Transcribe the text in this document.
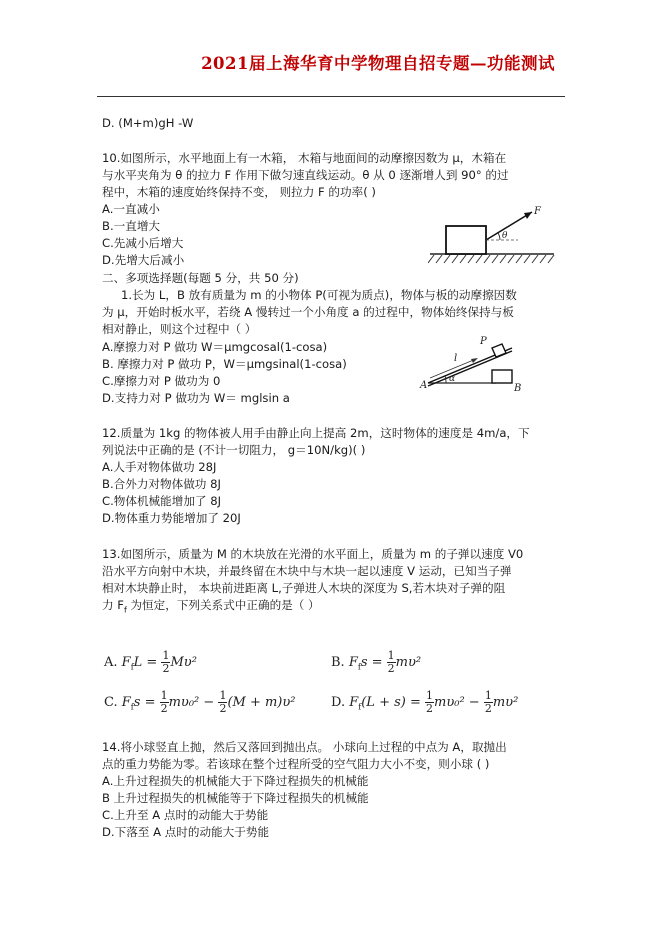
2021届上海华育中学物理自招专题—功能测试
D. (M+m)gH -W
10.如图所示，水平地面上有一木箱， 木箱与地面间的动摩擦因数为 μ，木箱在
与水平夹角为 θ 的拉力 F 作用下做匀速直线运动。θ 从 0 逐渐增人到 90° 的过
程中，木箱的速度始终保持不变， 则拉力 F 的功率( )
A.一直减小
B.一直增大
C.先减小后增大
D.先增大后减小
θ
F
二、多项选择题(每题 5 分，共 50 分)
1.长为 L，B 放有质量为 m 的小物体 P(可视为质点)，物体与板的动摩擦因数
为 μ，开始时板水平，若绕 A 慢转过一个小角度 a 的过程中，物体始终保持与板
相对静止，则这个过程中（ ）
A.摩擦力对 P 做功 W＝μmgcosal(1-cosa)
B. 摩擦力对 P 做功 P，W＝μmgsinal(1-cosa)
C.摩擦力对 P 做功为 0
D.支持力对 P 做功为 W＝ mglsin a
α
A	B
l
P
12.质量为 1kg 的物体被人用手由静止向上提高 2m，这时物体的速度是 4m/a，下
列说法中正确的是 (不计一切阻力， g＝10N/kg)( )
A.人手对物体做功 28J
B.合外力对物体做功 8J
C.物体机械能增加了 8J
D.物体重力势能增加了 20J
13.如图所示，质量为 M 的木块放在光滑的水平面上，质量为 m 的子弹以速度 V0
沿水平方向射中木块，并最终留在木块中与木块一起以速度 V 运动，已知当子弹
相对木块静止时， 本块前进距离 L,子弹进人木块的深度为 S,若木块对子弹的阻
力 $F_f$ 为恒定，下列关系式中正确的是（ ）
A. $F_fL = \frac{1}{2} M\upsilon^2$	B. $F_fs = \frac{1}{2} m\upsilon^2$
C. $F_fs = \frac{1}{2} m\upsilon_0^2 - \frac{1}{2} (M + m)\upsilon^2$	D. $F_f(L + s) = \frac{1}{2} m\upsilon_0^2 - \frac{1}{2} m\upsilon^2$
14.将小球竖直上抛，然后又落回到抛出点。 小球向上过程的中点为 A，取抛出
点的重力势能为零。若该球在整个过程所受的空气阻力大小不变，则小球 ( )
A.上升过程损失的机械能大于下降过程损失的机械能
B 上升过程损失的机械能等于下降过程损失的机械能
C.上升至 A 点时的动能大于势能
D.下落至 A 点时的动能大于势能
